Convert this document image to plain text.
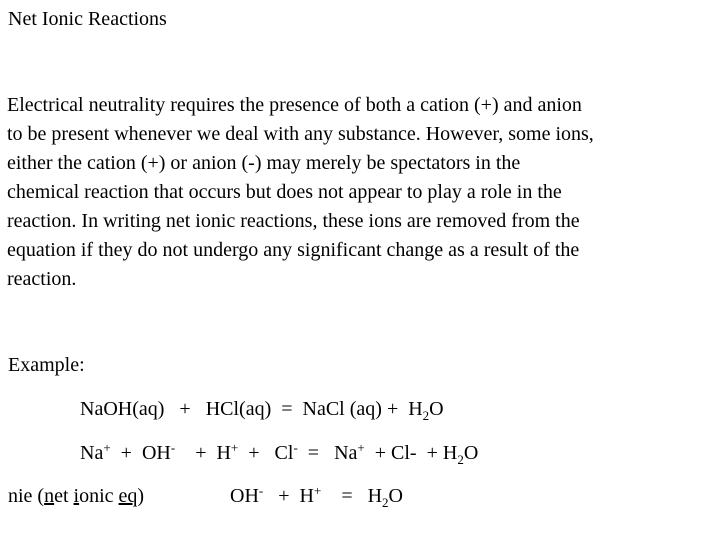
Net Ionic Reactions

Electrical neutrality requires the presence of both a cation (+) and anion
to be present whenever we deal with any substance. However, some ions,
either the cation (+) or anion (-) may merely be spectators in the
chemical reaction that occurs but does not appear to play a role in the
reaction. In writing net ionic reactions, these ions are removed from the
equation if they do not undergo any significant change as a result of the
reaction.

Example:
NaOH(aq)   +   HCl(aq)  =  NaCl $(aq) + H_2O$
Na+  +  OH-    +  $H^+ + Cl^- = Na^+ + Cl- + H_2O$
nie (net ionic eq)	OH-   +  H+    =   $H_2O$
